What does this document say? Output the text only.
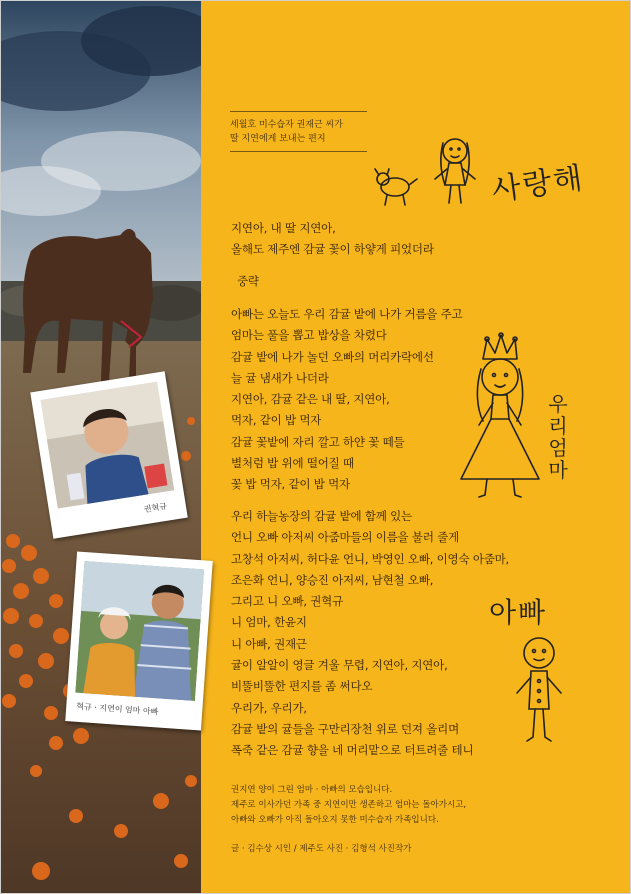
세월호 미수습자 권재근 씨가
딸 지연에게 보내는 편지
지연아, 내 딸 지연아,
올해도 제주엔 감귤 꽃이 하얗게 피었더라
중략
아빠는 오늘도 우리 감귤 밭에 나가 거름을 주고
엄마는 풀을 뽑고 밥상을 차렸다
감귤 밭에 나가 놀던 오빠의 머리카락에선
늘 귤 냄새가 나더라
지연아, 감귤 같은 내 딸, 지연아,
먹자, 같이 밥 먹자
감귤 꽃밭에 자리 깔고 하얀 꽃 떼들
별처럼 밥 위에 떨어질 때
꽃 밥 먹자, 같이 밥 먹자
우리 하늘농장의 감귤 밭에 함께 있는
언니 오빠 아저씨 아줌마들의 이름을 불러 줄게
고창석 아저씨, 허다윤 언니, 박영인 오빠, 이영숙 아줌마,
조은화 언니, 양승진 아저씨, 남현철 오빠,
그리고 니 오빠, 권혁규
니 엄마, 한윤지
니 아빠, 권재근
귤이 알알이 영글 겨울 무렵, 지연아, 지연아,
비뚤비뚤한 편지를 좀 써다오
우리가, 우리가,
감귤 밭의 귤들을 구만리장천 위로 던져 올리며
폭죽 같은 감귤 향을 네 머리맡으로 터트려줄 테니
권지연 양이 그린 엄마 · 아빠의 모습입니다.
제주로 이사가던 가족 중 지연이만 생존하고 엄마는 돌아가시고,
아빠와 오빠가 아직 돌아오지 못한 미수습자 가족입니다.
글 · 김수상 시인 / 제주도 사진 · 김형석 사진작가
사랑해
우리엄마
아빠
권혁규
혁규 · 지연이 엄마 아빠
